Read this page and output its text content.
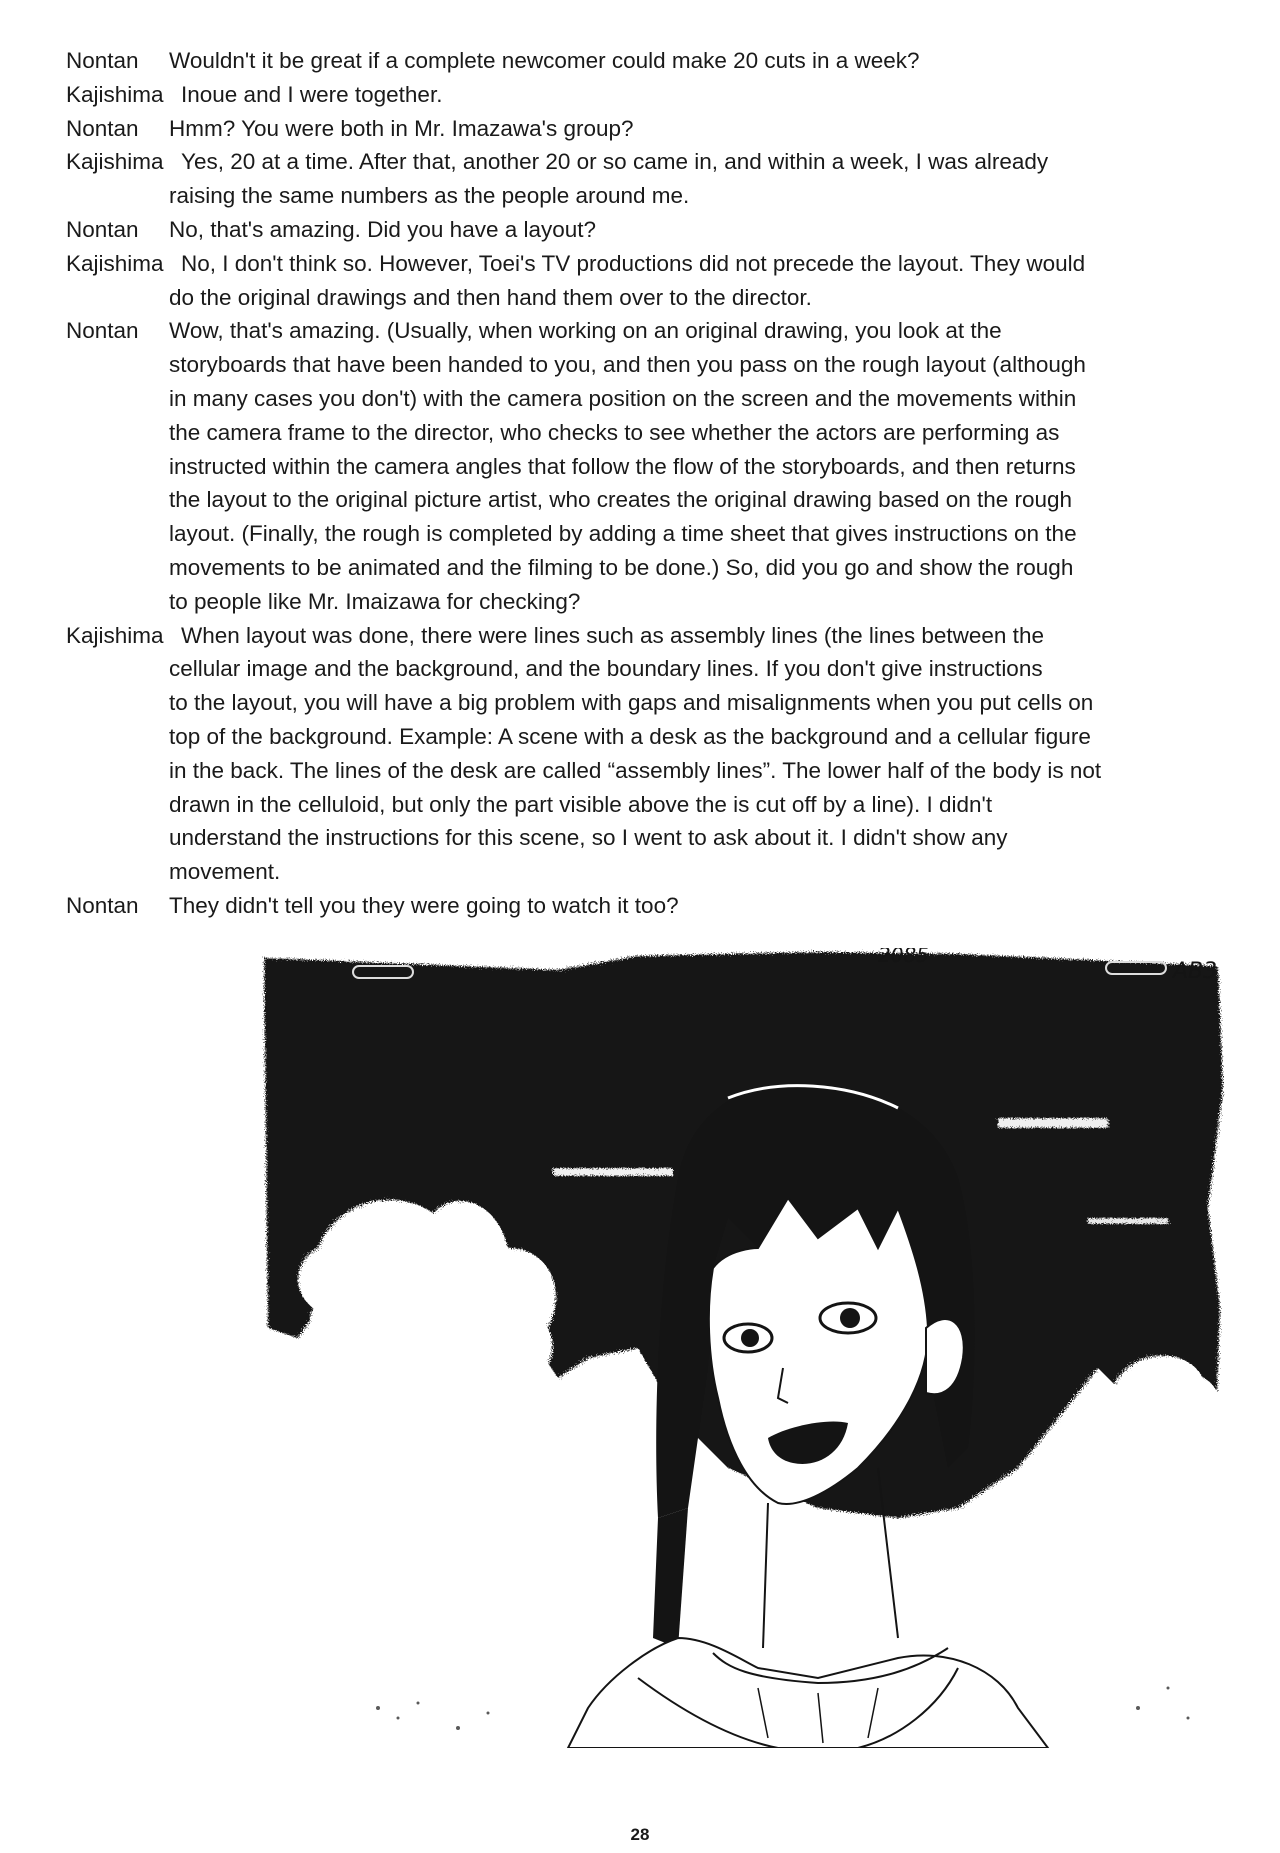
Nontan Wouldn't it be great if a complete newcomer could make 20 cuts in a week?
Kajishima Inoue and I were together.
Nontan Hmm? You were both in Mr. Imazawa's group?
Kajishima Yes, 20 at a time. After that, another 20 or so came in, and within a week, I was already
raising the same numbers as the people around me.
Nontan No, that's amazing. Did you have a layout?
Kajishima No, I don't think so. However, Toei's TV productions did not precede the layout. They would
do the original drawings and then hand them over to the director.
Nontan Wow, that's amazing. (Usually, when working on an original drawing, you look at the
storyboards that have been handed to you, and then you pass on the rough layout (although
in many cases you don't) with the camera position on the screen and the movements within
the camera frame to the director, who checks to see whether the actors are performing as
instructed within the camera angles that follow the flow of the storyboards, and then returns
the layout to the original picture artist, who creates the original drawing based on the rough
layout. (Finally, the rough is completed by adding a time sheet that gives instructions on the
movements to be animated and the filming to be done.) So, did you go and show the rough
to people like Mr. Imaizawa for checking?
Kajishima When layout was done, there were lines such as assembly lines (the lines between the
cellular image and the background, and the boundary lines. If you don't give instructions
to the layout, you will have a big problem with gaps and misalignments when you put cells on
top of the background. Example: A scene with a desk as the background and a cellular figure
in the back. The lines of the desk are called “assembly lines”. The lower half of the body is not
drawn in the celluloid, but only the part visible above the is cut off by a line). I didn't
understand the instructions for this scene, so I went to ask about it. I didn't show any
movement.
Nontan They didn't tell you they were going to watch it too?
2085
AB3
28
